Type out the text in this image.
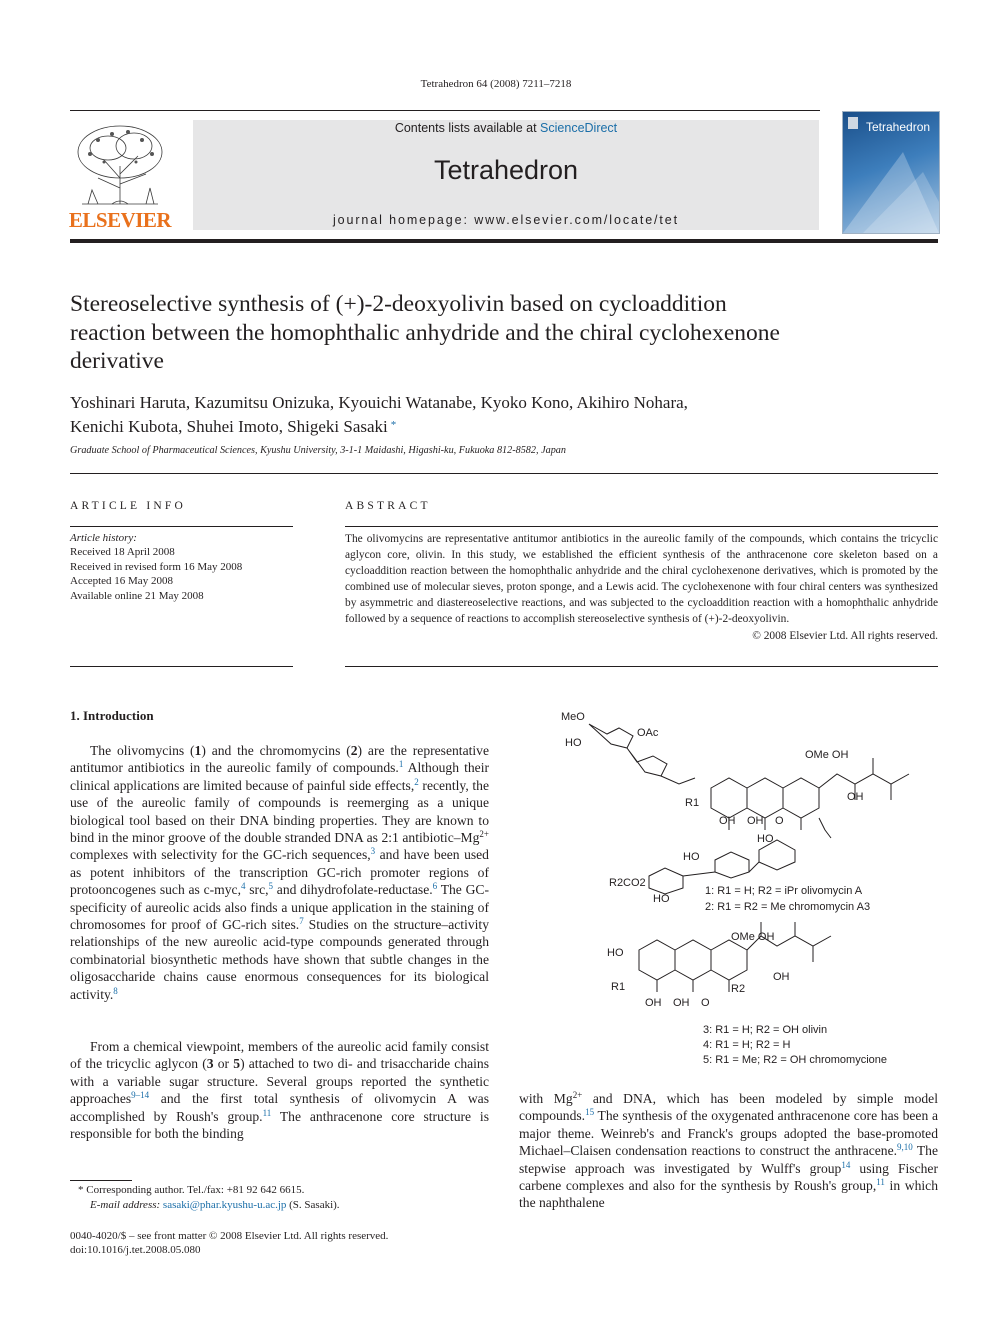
Tetrahedron 64 (2008) 7211–7218
ELSEVIER
Contents lists available at ScienceDirect
Tetrahedron
journal homepage: www.elsevier.com/locate/tet
Tetrahedron
Stereoselective synthesis of (+)-2-deoxyolivin based on cycloaddition reaction between the homophthalic anhydride and the chiral cyclohexenone derivative
Yoshinari Haruta, Kazumitsu Onizuka, Kyouichi Watanabe, Kyoko Kono, Akihiro Nohara,
Kenichi Kubota, Shuhei Imoto, Shigeki Sasaki *
Graduate School of Pharmaceutical Sciences, Kyushu University, 3-1-1 Maidashi, Higashi-ku, Fukuoka 812-8582, Japan
ARTICLE INFO	ABSTRACT
Article history:
Received 18 April 2008
Received in revised form 16 May 2008
Accepted 16 May 2008
Available online 21 May 2008
The olivomycins are representative antitumor antibiotics in the aureolic family of the compounds, which contains the tricyclic aglycon core, olivin. In this study, we established the efficient synthesis of the anthracenone core skeleton based on a cycloaddition reaction between the homophthalic anhydride and the chiral cyclohexenone derivatives, which is promoted by the combined use of molecular sieves, proton sponge, and a Lewis acid. The cyclohexenone with four chiral centers was synthesized by asymmetric and diastereoselective reactions, and was subjected to the cycloaddition reaction with a homophthalic anhydride followed by a sequence of reactions to accomplish stereoselective synthesis of (+)-2-deoxyolivin.
© 2008 Elsevier Ltd. All rights reserved.
1. Introduction
The olivomycins (1) and the chromomycins (2) are the representative antitumor antibiotics in the aureolic family of compounds.$^1$ Although their clinical applications are limited because of painful side effects,$^2$ recently, the use of the aureolic family of compounds is reemerging as a unique biological tool based on their DNA binding properties. They are known to bind in the minor groove of the double stranded DNA as 2:1 antibiotic–$Mg^{2+}$ complexes with selectivity for the GC-rich sequences,$^3$ and have been used as potent inhibitors of the transcription GC-rich promoter regions of protooncogenes such as c-myc,$^4$ src,$^5$ and dihydrofolate-reductase.$^6$ The GC-specificity of aureolic acids also finds a unique application in the staining of chromosomes for proof of GC-rich sites.$^7$ Studies on the structure–activity relationships of the new aureolic acid-type compounds generated through combinatorial biosynthetic methods have shown that subtle changes in the oligosaccharide chains cause enormous consequences for its biological activity.$^8$
From a chemical viewpoint, members of the aureolic acid family consist of the tricyclic aglycon (3 or 5) attached to two di- and trisaccharide chains with a variable sugar structure. Several groups reported the synthetic approaches$^{9-14}$ and the first total synthesis of olivomycin A was accomplished by Roush's group.$^{11}$ The anthracenone core structure is responsible for both the binding
with $Mg^{2+}$ and DNA, which has been modeled by simple model compounds.$^{15}$ The synthesis of the oxygenated anthracenone core has been a major theme. Weinreb's and Franck's groups adopted the base-promoted Michael–Claisen condensation reactions to construct the anthracene.$^{9,10}$ The stepwise approach was investigated by Wulff's group$^{14}$ using Fischer carbene complexes and also for the synthesis by Roush's group,$^{11}$ in which the naphthalene
MeO
HO
OAc
OMe OH
OH
R1
OH OH O
HO
HO
R2CO2
HO
1: R1 = H; R2 = iPr olivomycin A
2: R1 = R2 = Me chromomycin A3
OMe OH
HO
R1
OH
R2
OH OH O
3: R1 = H; R2 = OH olivin
4: R1 = H; R2 = H
5: R1 = Me; R2 = OH chromomycione
* Corresponding author. Tel./fax: +81 92 642 6615.
E-mail address: sasaki@phar.kyushu-u.ac.jp (S. Sasaki).
0040-4020/$ – see front matter © 2008 Elsevier Ltd. All rights reserved.
doi:10.1016/j.tet.2008.05.080
